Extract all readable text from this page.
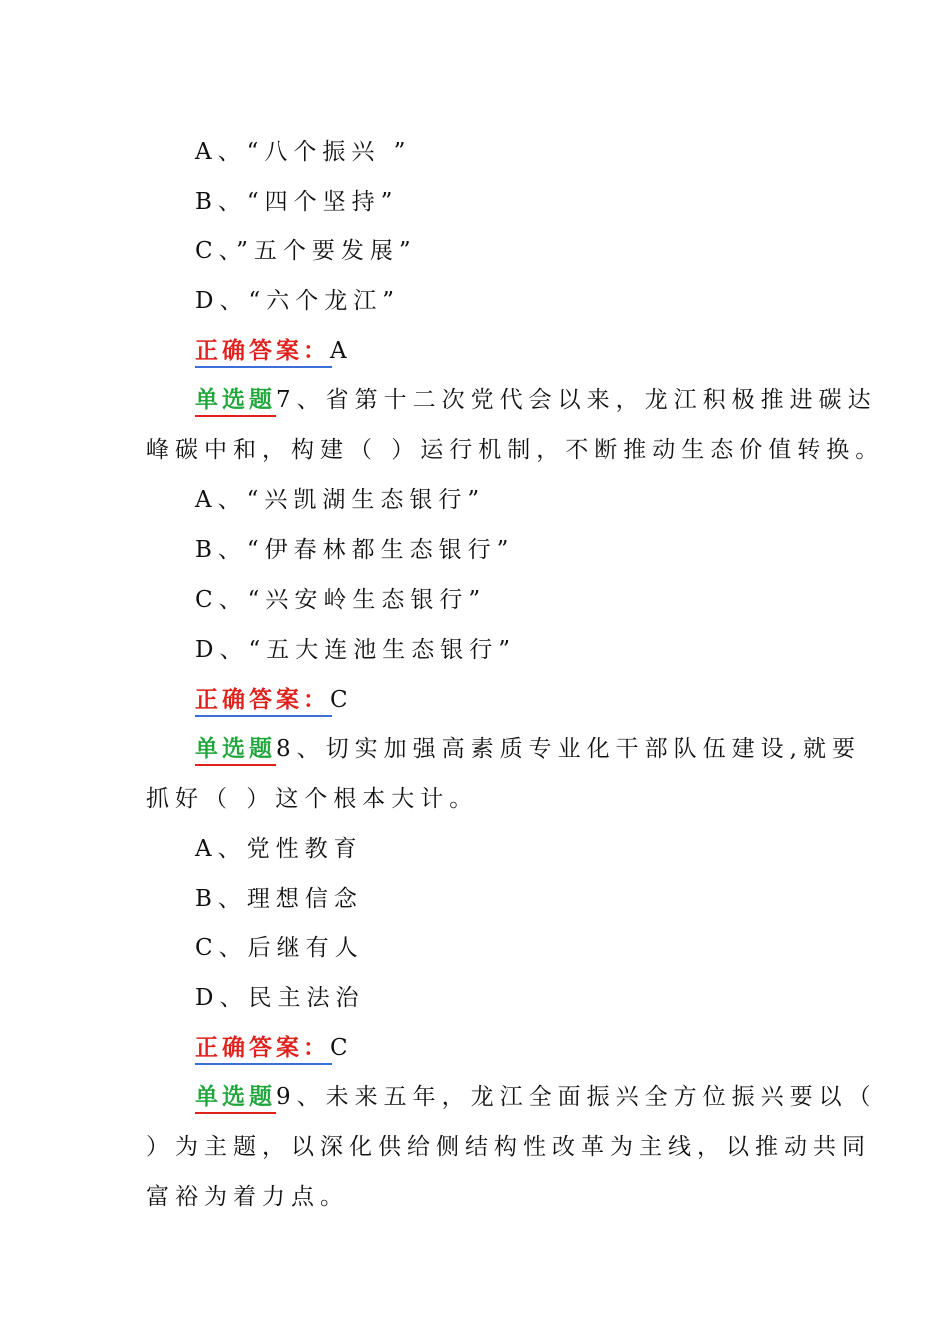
A、“八个振兴 ”
B、“四个坚持”
C、”五个要发展”
D、“六个龙江”
正确答案：A
单选题7、省第十二次党代会以来，龙江积极推进碳达
峰碳中和，构建（ ）运行机制，不断推动生态价值转换。
A、“兴凯湖生态银行”
B、“伊春林都生态银行”
C、“兴安岭生态银行”
D、“五大连池生态银行”
正确答案：C
单选题8、切实加强高素质专业化干部队伍建设,就要
抓好（ ）这个根本大计。
A、党性教育
B、理想信念
C、后继有人
D、民主法治
正确答案：C
单选题9、未来五年，龙江全面振兴全方位振兴要以（
）为主题，以深化供给侧结构性改革为主线，以推动共同
富裕为着力点。
